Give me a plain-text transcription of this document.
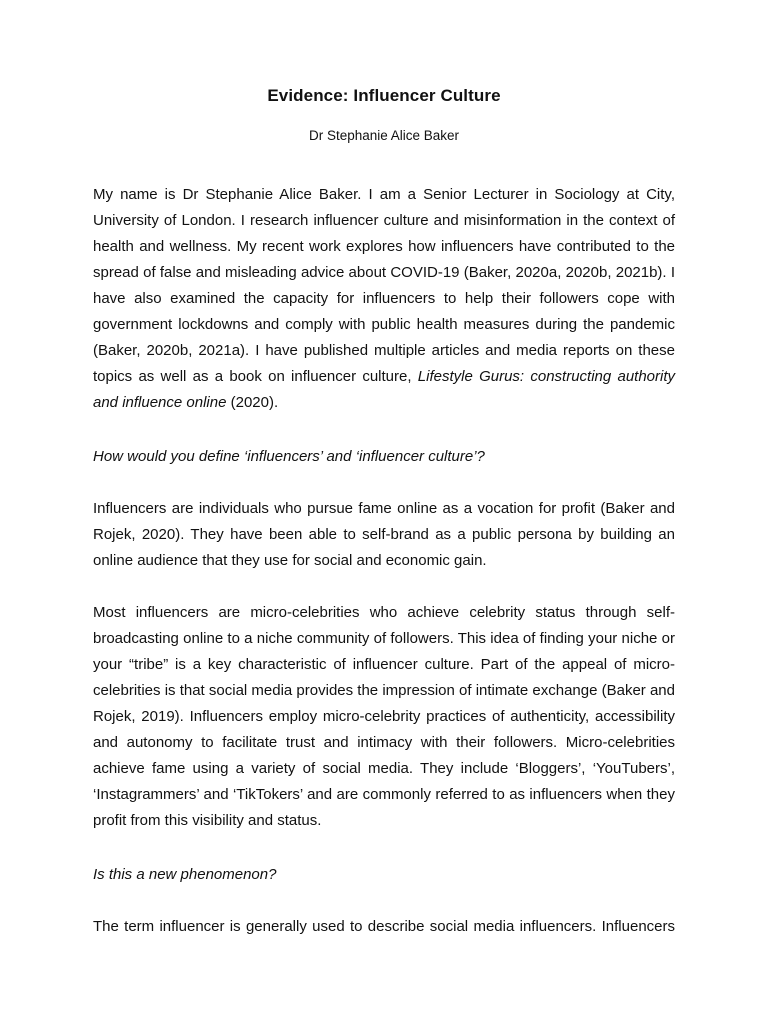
Evidence: Influencer Culture
Dr Stephanie Alice Baker

My name is Dr Stephanie Alice Baker. I am a Senior Lecturer in Sociology at City, University of London. I research influencer culture and misinformation in the context of health and wellness. My recent work explores how influencers have contributed to the spread of false and misleading advice about COVID-19 (Baker, 2020a, 2020b, 2021b). I have also examined the capacity for influencers to help their followers cope with government lockdowns and comply with public health measures during the pandemic (Baker, 2020b, 2021a). I have published multiple articles and media reports on these topics as well as a book on influencer culture, Lifestyle Gurus: constructing authority and influence online (2020).

How would you define ‘influencers’ and ‘influencer culture’?

Influencers are individuals who pursue fame online as a vocation for profit (Baker and Rojek, 2020). They have been able to self-brand as a public persona by building an online audience that they use for social and economic gain.

Most influencers are micro-celebrities who achieve celebrity status through self-broadcasting online to a niche community of followers. This idea of finding your niche or your “tribe” is a key characteristic of influencer culture. Part of the appeal of micro-celebrities is that social media provides the impression of intimate exchange (Baker and Rojek, 2019). Influencers employ micro-celebrity practices of authenticity, accessibility and autonomy to facilitate trust and intimacy with their followers. Micro-celebrities achieve fame using a variety of social media. They include ‘Bloggers’, ‘YouTubers’, ‘Instagrammers’ and ‘TikTokers’ and are commonly referred to as influencers when they profit from this visibility and status.

Is this a new phenomenon?

The term influencer is generally used to describe social media influencers. Influencers
